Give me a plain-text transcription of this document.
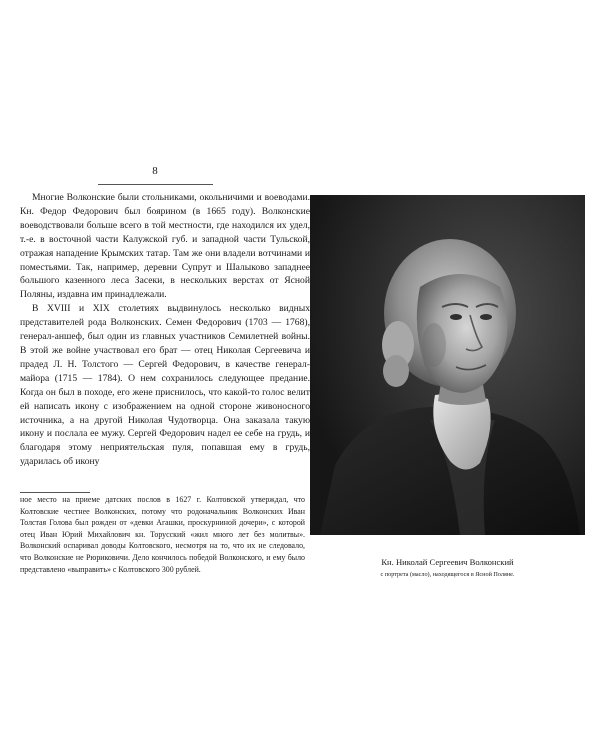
8

Многие Волконские были стольниками, окольничими и воеводами. Кн. Федор Федорович был боярином (в 1665 году). Волконские воеводствовали больше всего в той местности, где находился их удел, т.-е. в восточной части Калужской губ. и западной части Тульской, отражая нападение Крымских татар. Там же они владели вотчинами и поместьями. Так, например, деревни Супрут и Шалыково западнее большого казенного леса Засеки, в нескольких верстах от Ясной Поляны, издавна им принадлежали.

В XVIII и XIX столетиях выдвинулось несколько видных представителей рода Волконских. Семен Федорович (1703 — 1768), генерал-аншеф, был один из главных участников Семилетней войны. В этой же войне участвовал его брат — отец Николая Сергеевича и прадед Л. Н. Толстого — Сергей Федорович, в качестве генерал-майора (1715 — 1784). О нем сохранилось следующее предание. Когда он был в походе, его жене приснилось, что какой-то голос велит ей написать икону с изображением на одной стороне живоносного источника, а на другой Николая Чудотворца. Она заказала такую икону и послала ее мужу. Сергей Федорович надел ее себе на грудь, и благодаря этому неприятельская пуля, попавшая ему в грудь, ударилась об икону

ное место на приеме датских послов в 1627 г. Колтовской утверждал, что Колтовские честнее Волконских, потому что родоначальник Волконских Иван Толстая Голова был рожден от «девки Агашки, проскурниной дочери», с которой отец Иван Юрий Михайлович кн. Торусский «жил много лет без молитвы». Волконский оспаривал доводы Колтовского, несмотря на то, что их не следовало, что Волконские не Рюриковичи. Дело кончилось победой Волконского, и ему было представлено «выправить» с Колтовского 300 рублей.

Кн. Николай Сергеевич Волконский
с портрета (масло), находящегося в Ясной Поляне.
